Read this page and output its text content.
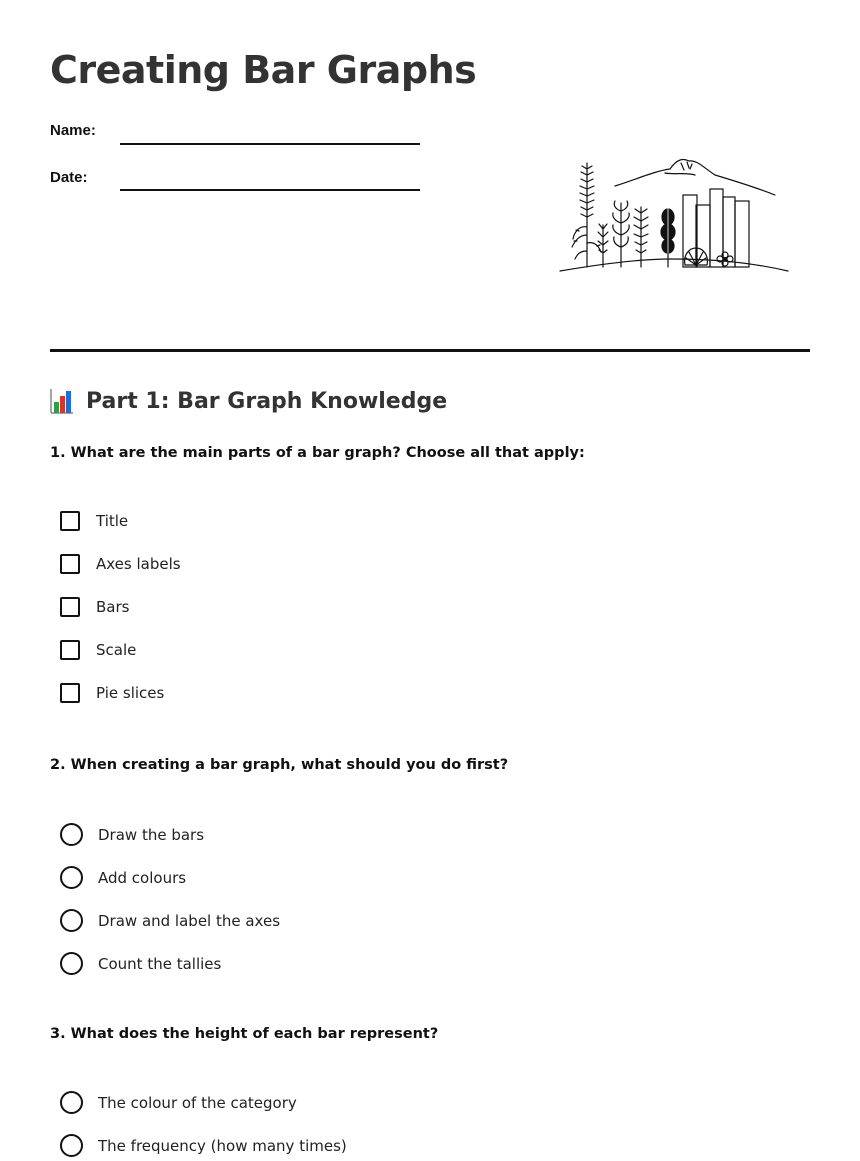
Creating Bar Graphs
Name:
Date:
Part 1: Bar Graph Knowledge

1. What are the main parts of a bar graph? Choose all that apply:

Title
Axes labels
Bars
Scale
Pie slices

2. When creating a bar graph, what should you do first?

Draw the bars
Add colours
Draw and label the axes
Count the tallies

3. What does the height of each bar represent?

The colour of the category
The frequency (how many times)
